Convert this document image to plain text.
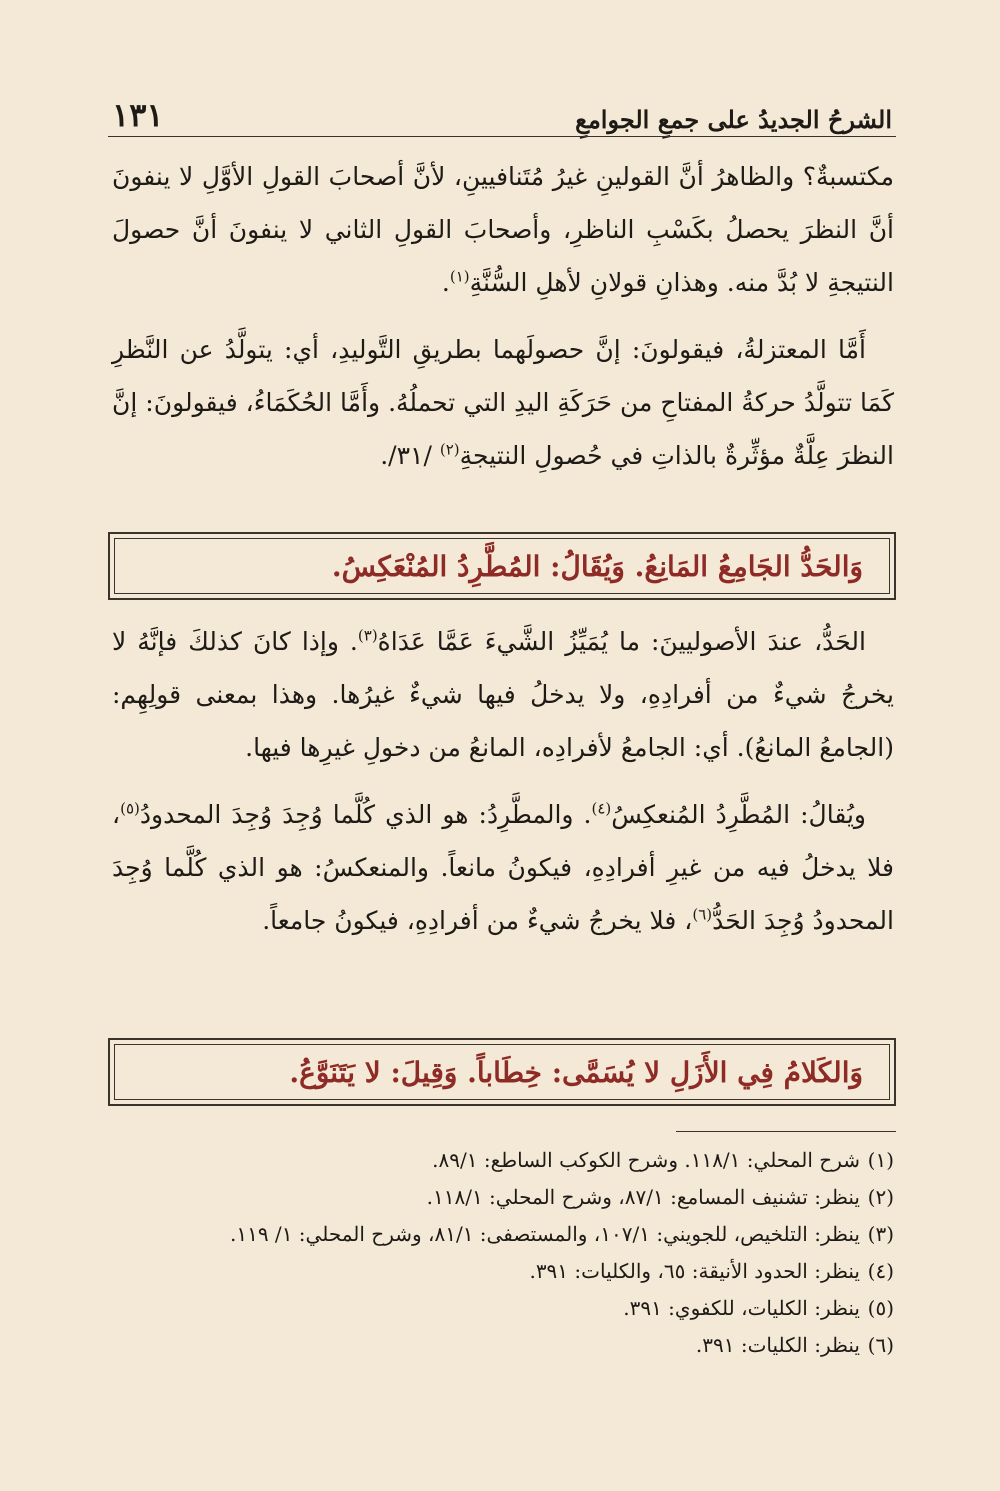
١٣١	الشرحُ الجديدُ على جمعِ الجوامعِ

مكتسبةٌ؟ والظاهرُ أنَّ القولينِ غيرُ مُتَنافيينِ، لأنَّ أصحابَ القولِ الأوَّلِ لا ينفونَ أنَّ النظرَ يحصلُ بكَسْبِ الناظرِ، وأصحابَ القولِ الثاني لا ينفونَ أنَّ حصولَ النتيجةِ لا بُدَّ منه. وهذانِ قولانِ لأهلِ السُّنَّةِ$^{(١)}$.

أَمَّا المعتزلةُ، فيقولونَ: إنَّ حصولَهما بطريقِ التَّوليدِ، أي: يتولَّدُ عن النَّظرِ كَمَا تتولَّدُ حركةُ المفتاحِ من حَرَكَةِ اليدِ التي تحملُهُ. وأَمَّا الحُكَمَاءُ، فيقولونَ: إنَّ النظرَ عِلَّةٌ مؤثِّرةٌ بالذاتِ في حُصولِ النتيجةِ$^{(٢)}$ /٣١/.

وَالحَدُّ الجَامِعُ المَانِعُ. وَيُقَالُ: المُطَّرِدُ المُنْعَكِسُ.

الحَدُّ، عندَ الأصوليينَ: ما يُمَيِّزُ الشَّيءَ عَمَّا عَدَاهُ$^{(٣)}$. وإذا كانَ كذلكَ فإنَّهُ لا يخرجُ شيءٌ من أفرادِهِ، ولا يدخلُ فيها شيءٌ غيرُها. وهذا بمعنى قولِهِم: (الجامعُ المانعُ). أي: الجامعُ لأفرادِه، المانعُ من دخولِ غيرِها فيها.

ويُقالُ: المُطَّرِدُ المُنعكِسُ$^{(٤)}$. والمطَّرِدُ: هو الذي كُلَّما وُجِدَ وُجِدَ المحدودُ$^{(٥)}$، فلا يدخلُ فيه من غيرِ أفرادِهِ، فيكونُ مانعاً. والمنعكسُ: هو الذي كُلَّما وُجِدَ المحدودُ وُجِدَ الحَدُّ$^{(٦)}$، فلا يخرجُ شيءٌ من أفرادِهِ، فيكونُ جامعاً.

وَالكَلامُ فِي الأَزَلِ لا يُسَمَّى: خِطَاباً. وَقِيلَ: لا يَتَنَوَّعُ.

(١)
شرح المحلي: ١١٨/١. وشرح الكوكب الساطع: ٨٩/١.

(٢)
ينظر: تشنيف المسامع: ٨٧/١، وشرح المحلي: ١١٨/١.

(٣)
ينظر: التلخيص، للجويني: ١٠٧/١، والمستصفى: ٨١/١، وشرح المحلي: ١/ ١١٩.

(٤)
ينظر: الحدود الأنيقة: ٦٥، والكليات: ٣٩١.

(٥)
ينظر: الكليات، للكفوي: ٣٩١.

(٦)
ينظر: الكليات: ٣٩١.
